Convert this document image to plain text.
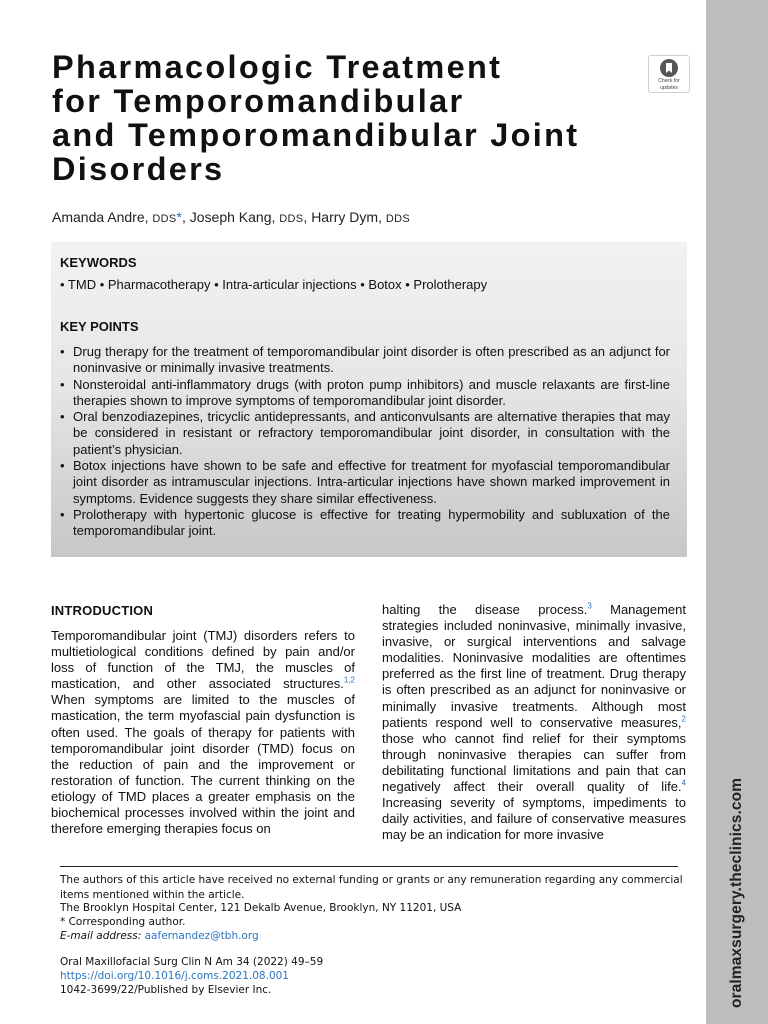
Pharmacologic Treatment
for Temporomandibular
and Temporomandibular Joint
Disorders
Check for
updates
Amanda Andre, DDS*, Joseph Kang, DDS, Harry Dym, DDS
KEYWORDS
• TMD • Pharmacotherapy • Intra-articular injections • Botox • Prolotherapy
KEY POINTS
• Drug therapy for the treatment of temporomandibular joint disorder is often prescribed as an adjunct for noninvasive or minimally invasive treatments.
• Nonsteroidal anti-inflammatory drugs (with proton pump inhibitors) and muscle relaxants are first-line therapies shown to improve symptoms of temporomandibular joint disorder.
• Oral benzodiazepines, tricyclic antidepressants, and anticonvulsants are alternative therapies that may be considered in resistant or refractory temporomandibular joint disorder, in consultation with the patient’s physician.
• Botox injections have shown to be safe and effective for treatment for myofascial temporomandibular joint disorder as intramuscular injections. Intra-articular injections have shown marked improvement in symptoms. Evidence suggests they share similar effectiveness.
• Prolotherapy with hypertonic glucose is effective for treating hypermobility and subluxation of the temporomandibular joint.
INTRODUCTION

Temporomandibular joint (TMJ) disorders refers to multietiological conditions defined by pain and/or loss of function of the TMJ, the muscles of mastication, and other associated structures.$^{1,2}$ When symptoms are limited to the muscles of mastication, the term myofascial pain dysfunction is often used. The goals of therapy for patients with temporomandibular joint disorder (TMD) focus on the reduction of pain and the improvement or restoration of function. The current thinking on the etiology of TMD places a greater emphasis on the biochemical processes involved within the joint and therefore emerging therapies focus on

halting the disease process.$^3$ Management strategies included noninvasive, minimally invasive, invasive, or surgical interventions and salvage modalities. Noninvasive modalities are oftentimes preferred as the first line of treatment. Drug therapy is often prescribed as an adjunct for noninvasive or minimally invasive treatments. Although most patients respond well to conservative measures,$^2$ those who cannot find relief for their symptoms through noninvasive therapies can suffer from debilitating functional limitations and pain that can negatively affect their overall quality of life.$^4$ Increasing severity of symptoms, impediments to daily activities, and failure of conservative measures may be an indication for more invasive

The authors of this article have received no external funding or grants or any remuneration regarding any commercial items mentioned within the article.

The Brooklyn Hospital Center, 121 Dekalb Avenue, Brooklyn, NY 11201, USA

* Corresponding author.

E-mail address: aafernandez@tbh.org

Oral Maxillofacial Surg Clin N Am 34 (2022) 49–59

https://doi.org/10.1016/j.coms.2021.08.001

1042-3699/22/Published by Elsevier Inc.	oralmaxsurgery.theclinics.com
